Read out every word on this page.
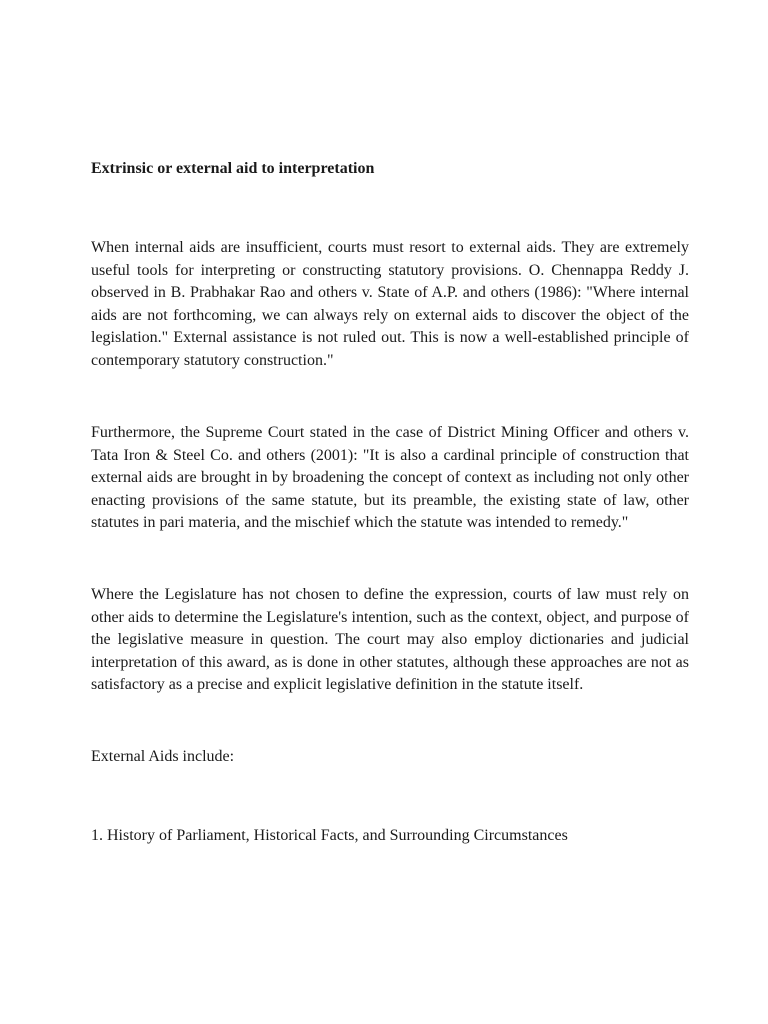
Extrinsic or external aid to interpretation

When internal aids are insufficient, courts must resort to external aids. They are extremely useful tools for interpreting or constructing statutory provisions. O. Chennappa Reddy J. observed in B. Prabhakar Rao and others v. State of A.P. and others (1986): "Where internal aids are not forthcoming, we can always rely on external aids to discover the object of the legislation." External assistance is not ruled out. This is now a well-established principle of contemporary statutory construction."

Furthermore, the Supreme Court stated in the case of District Mining Officer and others v. Tata Iron & Steel Co. and others (2001): "It is also a cardinal principle of construction that external aids are brought in by broadening the concept of context as including not only other enacting provisions of the same statute, but its preamble, the existing state of law, other statutes in pari materia, and the mischief which the statute was intended to remedy."

Where the Legislature has not chosen to define the expression, courts of law must rely on other aids to determine the Legislature's intention, such as the context, object, and purpose of the legislative measure in question. The court may also employ dictionaries and judicial interpretation of this award, as is done in other statutes, although these approaches are not as satisfactory as a precise and explicit legislative definition in the statute itself.

External Aids include:

1. History of Parliament, Historical Facts, and Surrounding Circumstances
